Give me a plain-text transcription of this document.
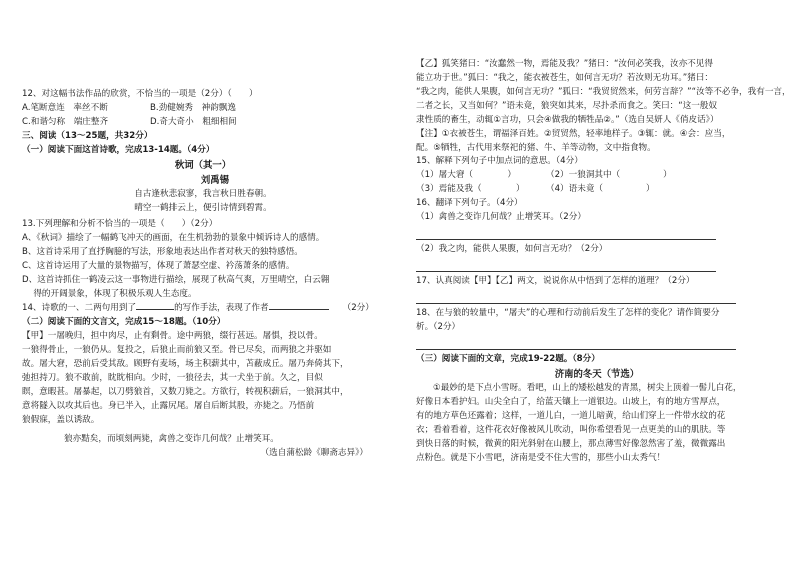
12、对这幅书法作品的欣赏，不恰当的一项是（2分）（　　）
A.笔断意连　率丝不断	B.劲健婉秀　神韵飘逸
C.和谐匀称　端庄整齐	D.奇大奇小　粗细相间
三、阅读（13～25题，共32分）
（一）阅读下面这首诗歌，完成13-14题。（4分）
秋词（其一）
刘禹锡
自古逢秋悲寂寥，我言秋日胜春朝。
晴空一鹤排云上，便引诗情到碧霄。
13.下列理解和分析不恰当的一项是（　　）（2分）
A、《秋词》描绘了一幅鹤飞冲天的画面，在生机勃勃的景象中倾诉诗人的感情。
B、这首诗采用了直抒胸臆的写法，形象地表达出作者对秋天的独特感悟。
C、这首诗运用了大量的景物描写，体现了萧瑟空虚、衿荡萧条的感情。
D、这首诗抓住一鹤凌云这一事物进行描绘，展现了秋高气爽，万里晴空，白云翱
　 得的开阔景象，体现了积极乐观人生态度。
14、诗歌的一、二两句用到了	的写作手法，表现了作者	（2分）
（二）阅读下面的文言文，完成15～18题。（10分）
【甲】一屠晚归，担中肉尽，止有剩骨。途中两狼，缀行甚远。屠惧，投以骨。
一狼得骨止，一狼仍从。复投之，后狼止而前狼又至。骨已尽矣，而两狼之并驱如
故。屠大窘，恐前后受其敌。顾野有麦场，场主积薪其中，苫蔽成丘。屠乃奔倚其下，
弛担持刀。狼不敢前，眈眈相向。少时，一狼径去，其一犬坐于前。久之，目似
瞑，意暇甚。屠暴起，以刀劈狼首，又数刀毙之。方欲行，转视积薪后，一狼洞其中，
意将隧入以攻其后也。身已半入，止露尻尾。屠自后断其股，亦毙之。乃悟前
狼假寐，盖以诱敌。
狼亦黠矣，而顷刻两毙，禽兽之变诈几何哉？止增笑耳。
（选自蒲松龄《聊斋志异》）
【乙】狐笑猪曰：“汝蠢然一物，焉能及我？”猪曰：“汝何必笑我，汝亦不见得
能立功于世。”狐曰：“我之，能衣被苍生，如何言无功？若汝则无功耳。”猪曰：
“我之肉，能供人果腹，如何言无功？”狐曰：“我贸贸然来，何劳言辞？”“汝等不必争，我有一言，
二者之长，又当如何？”语未竟，狼突如其来，尽扑杀而食之。笑曰：“这一般奴
隶性质的畜生，动辄①言功，只会④做我的牺牲品②。”（选自吴妍人《俏皮话》）
【注】①衣被苍生，谓福泽百姓。②贸贸然，轻率地样子。③辄：就。④会：应当，
配。⑤牺牲，古代用来祭祀的猪、牛、羊等动物，文中指食物。
15、解释下列句子中加点词的意思。（4分）
（1）屠大窘（　　　　）	（2）一狼洞其中（　　　　　）
（3）焉能及我（　　　　）	（4）语未竟（　　　　　）
16、翻译下列句子。（4分）
（1）禽兽之变诈几何哉？止增笑耳。（2分）
（2）我之肉，能供人果腹，如何言无功？（2分）
17、认真阅读【甲】【乙】两文，说说你从中悟到了怎样的道理？（2分）
18、在与狼的较量中，“屠夫”的心理和行动前后发生了怎样的变化？请作简要分
析。（2分）
（三）阅读下面的文章，完成19-22题。（8分）
济南的冬天（节选）
①最妙的是下点小雪呀。看吧，山上的矮松越发的青黑，树尖上顶着一髻儿白花，
好像日本看护妇。山尖全白了，给蓝天镶上一道银边。山坡上，有的地方雪厚点，
有的地方草色还露着；这样，一道儿白，一道儿暗黄，给山们穿上一件带水纹的花
衣；看着看着，这件花衣好像被风儿吹动，叫你希望看见一点更美的山的肌肤。等
到快日落的时候，微黄的阳光斜射在山腰上，那点薄雪好像忽然害了羞，微微露出
点粉色。就是下小雪吧，济南是受不住大雪的，那些小山太秀气！
